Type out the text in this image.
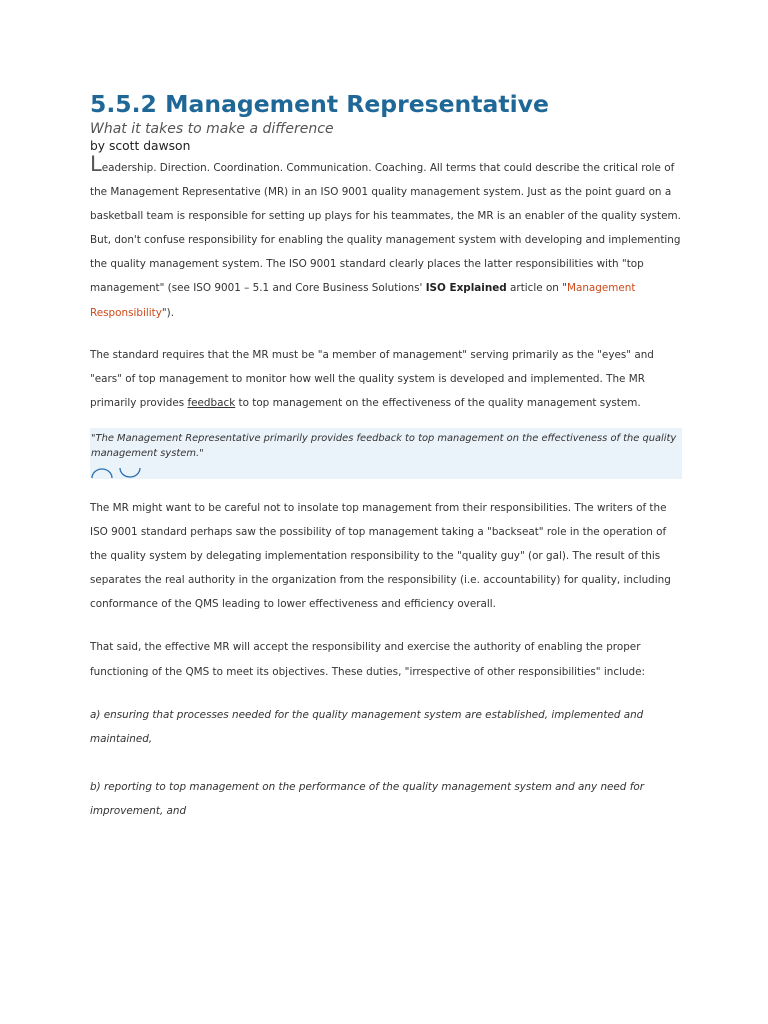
5.5.2 Management Representative
What it takes to make a difference
by scott dawson

Leadership. Direction. Coordination. Communication. Coaching. All terms that could describe the critical role of the Management Representative (MR) in an ISO 9001 quality management system. Just as the point guard on a basketball team is responsible for setting up plays for his teammates, the MR is an enabler of the quality system. But, don't confuse responsibility for enabling the quality management system with developing and implementing the quality management system. The ISO 9001 standard clearly places the latter responsibilities with "top management" (see ISO 9001 – 5.1 and Core Business Solutions' ISO Explained article on "Management Responsibility").

The standard requires that the MR must be "a member of management" serving primarily as the "eyes" and "ears" of top management to monitor how well the quality system is developed and implemented. The MR primarily provides feedback to top management on the effectiveness of the quality management system.

"The Management Representative primarily provides feedback to top management on the effectiveness of the quality management system."

The MR might want to be careful not to insolate top management from their responsibilities. The writers of the ISO 9001 standard perhaps saw the possibility of top management taking a "backseat" role in the operation of the quality system by delegating implementation responsibility to the "quality guy" (or gal). The result of this separates the real authority in the organization from the responsibility (i.e. accountability) for quality, including conformance of the QMS leading to lower effectiveness and efficiency overall.

That said, the effective MR will accept the responsibility and exercise the authority of enabling the proper functioning of the QMS to meet its objectives. These duties, "irrespective of other responsibilities" include:

a) ensuring that processes needed for the quality management system are established, implemented and maintained,

b) reporting to top management on the performance of the quality management system and any need for improvement, and
